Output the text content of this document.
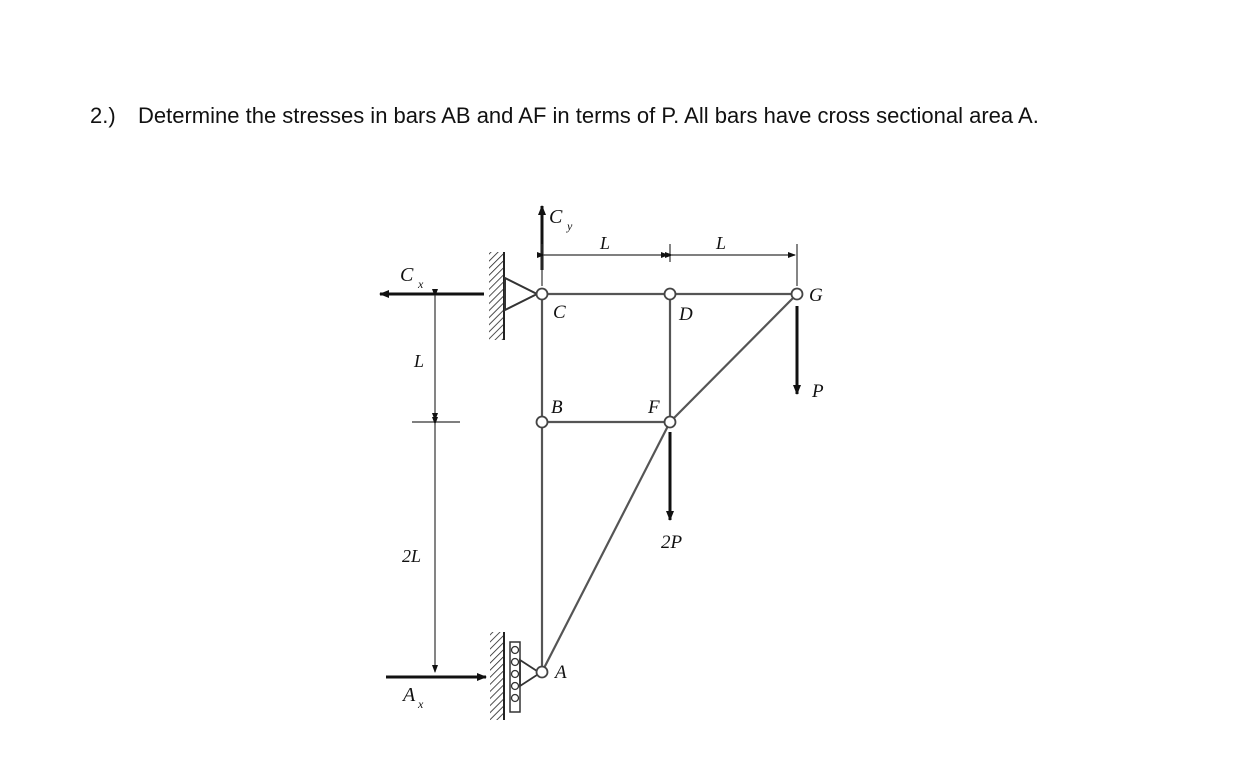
2.) Determine the stresses in bars AB and AF in terms of P. All bars have cross sectional area A.
C	D
G
B	F
A
P
2P
C x
C y
A x
L	L
L
2L
